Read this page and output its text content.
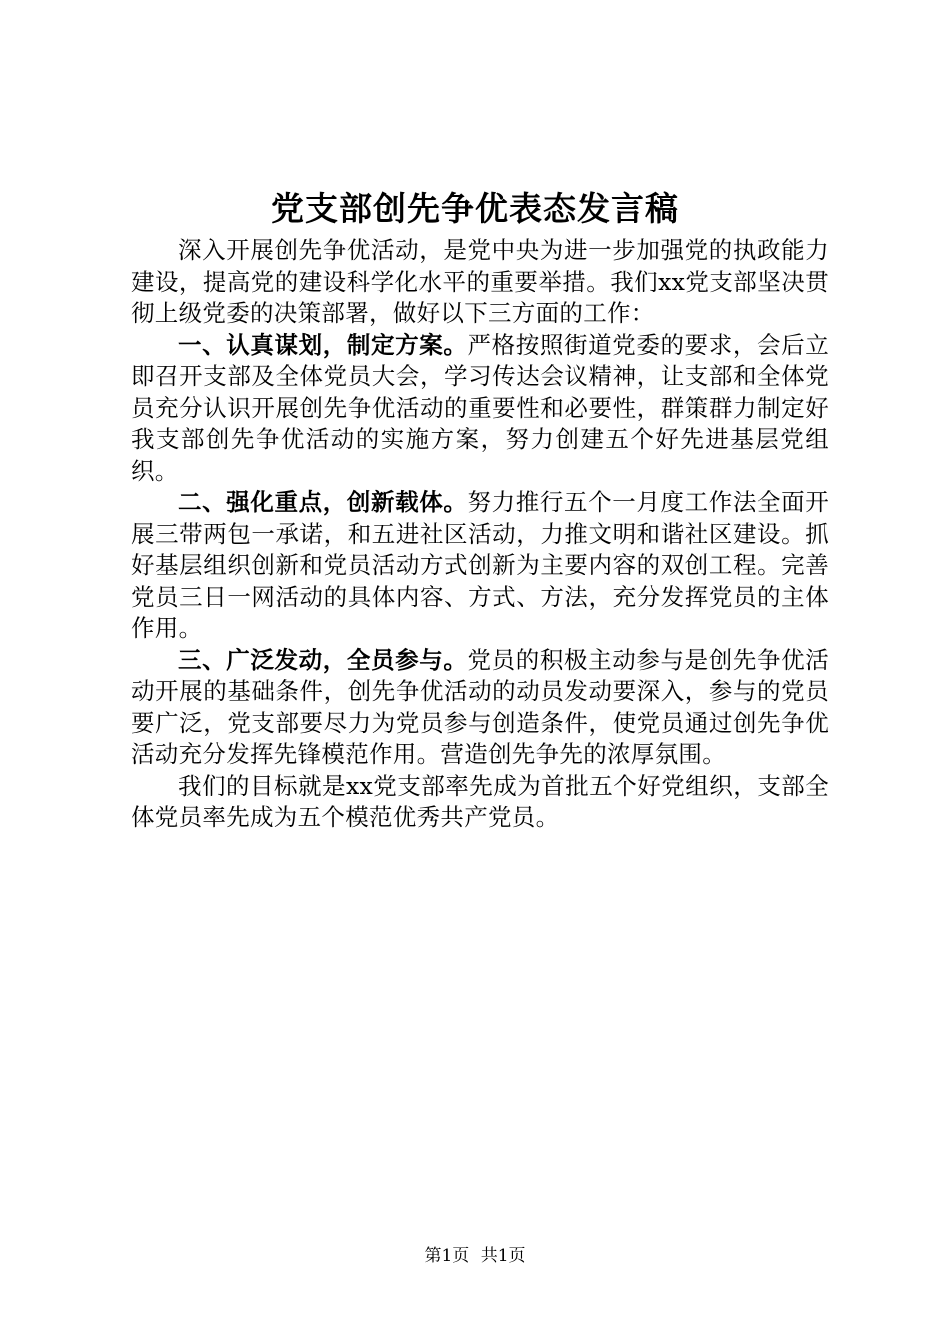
党支部创先争优表态发言稿

深入开展创先争优活动，是党中央为进一步加强党的执政能力建设，提高党的建设科学化水平的重要举措。我们xx党支部坚决贯彻上级党委的决策部署，做好以下三方面的工作：

一、认真谋划，制定方案。严格按照街道党委的要求，会后立即召开支部及全体党员大会，学习传达会议精神，让支部和全体党员充分认识开展创先争优活动的重要性和必要性，群策群力制定好我支部创先争优活动的实施方案，努力创建五个好先进基层党组织。

二、强化重点，创新载体。努力推行五个一月度工作法全面开展三带两包一承诺，和五进社区活动，力推文明和谐社区建设。抓好基层组织创新和党员活动方式创新为主要内容的双创工程。完善党员三日一网活动的具体内容、方式、方法，充分发挥党员的主体作用。

三、广泛发动，全员参与。党员的积极主动参与是创先争优活动开展的基础条件，创先争优活动的动员发动要深入，参与的党员要广泛，党支部要尽力为党员参与创造条件，使党员通过创先争优活动充分发挥先锋模范作用。营造创先争先的浓厚氛围。

我们的目标就是xx党支部率先成为首批五个好党组织，支部全体党员率先成为五个模范优秀共产党员。

第1页 共1页
